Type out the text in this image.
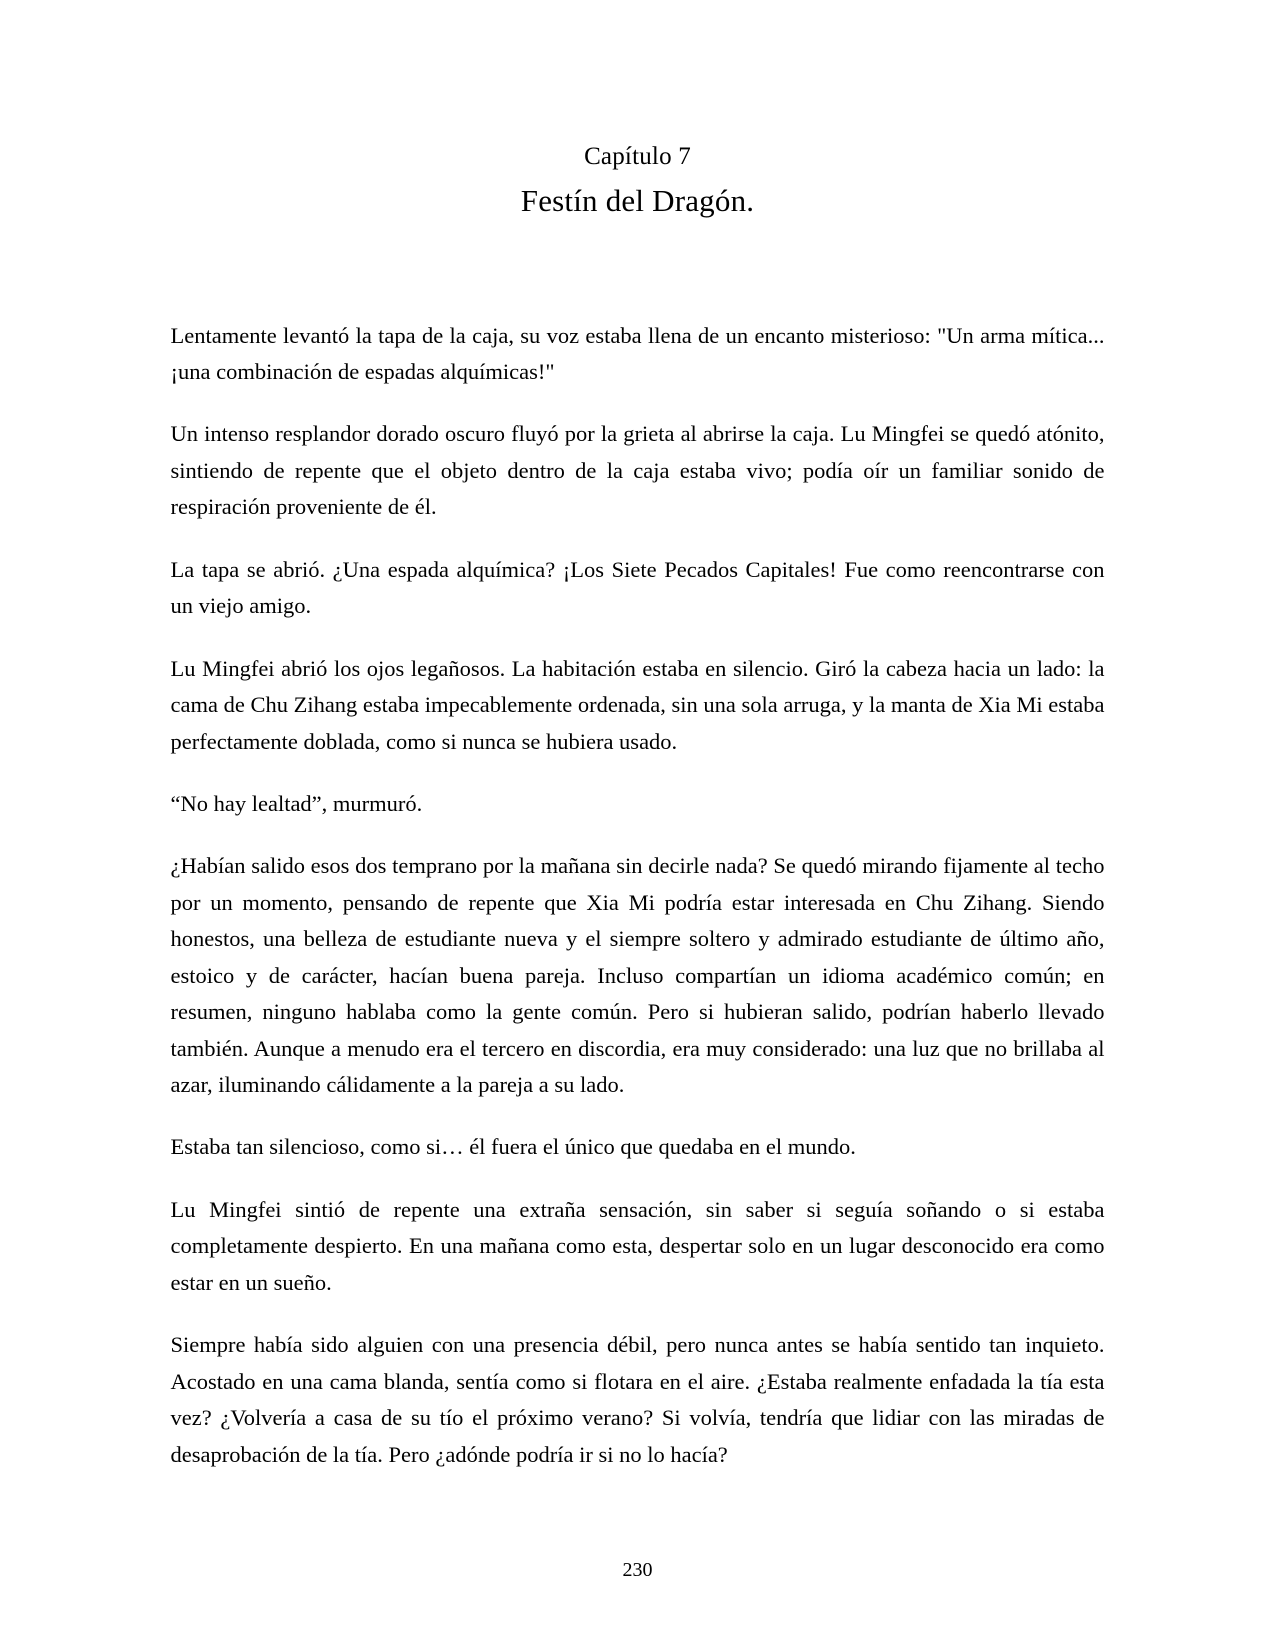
Capítulo 7
Festín del Dragón.

Lentamente levantó la tapa de la caja, su voz estaba llena de un encanto misterioso: "Un arma mítica... ¡una combinación de espadas alquímicas!"

Un intenso resplandor dorado oscuro fluyó por la grieta al abrirse la caja. Lu Mingfei se quedó atónito, sintiendo de repente que el objeto dentro de la caja estaba vivo; podía oír un familiar sonido de respiración proveniente de él.

La tapa se abrió. ¿Una espada alquímica? ¡Los Siete Pecados Capitales! Fue como reencontrarse con un viejo amigo.

Lu Mingfei abrió los ojos legañosos. La habitación estaba en silencio. Giró la cabeza hacia un lado: la cama de Chu Zihang estaba impecablemente ordenada, sin una sola arruga, y la manta de Xia Mi estaba perfectamente doblada, como si nunca se hubiera usado.

“No hay lealtad”, murmuró.

¿Habían salido esos dos temprano por la mañana sin decirle nada? Se quedó mirando fijamente al techo por un momento, pensando de repente que Xia Mi podría estar interesada en Chu Zihang. Siendo honestos, una belleza de estudiante nueva y el siempre soltero y admirado estudiante de último año, estoico y de carácter, hacían buena pareja. Incluso compartían un idioma académico común; en resumen, ninguno hablaba como la gente común. Pero si hubieran salido, podrían haberlo llevado también. Aunque a menudo era el tercero en discordia, era muy considerado: una luz que no brillaba al azar, iluminando cálidamente a la pareja a su lado.

Estaba tan silencioso, como si… él fuera el único que quedaba en el mundo.

Lu Mingfei sintió de repente una extraña sensación, sin saber si seguía soñando o si estaba completamente despierto. En una mañana como esta, despertar solo en un lugar desconocido era como estar en un sueño.

Siempre había sido alguien con una presencia débil, pero nunca antes se había sentido tan inquieto. Acostado en una cama blanda, sentía como si flotara en el aire. ¿Estaba realmente enfadada la tía esta vez? ¿Volvería a casa de su tío el próximo verano? Si volvía, tendría que lidiar con las miradas de desaprobación de la tía. Pero ¿adónde podría ir si no lo hacía?

230
